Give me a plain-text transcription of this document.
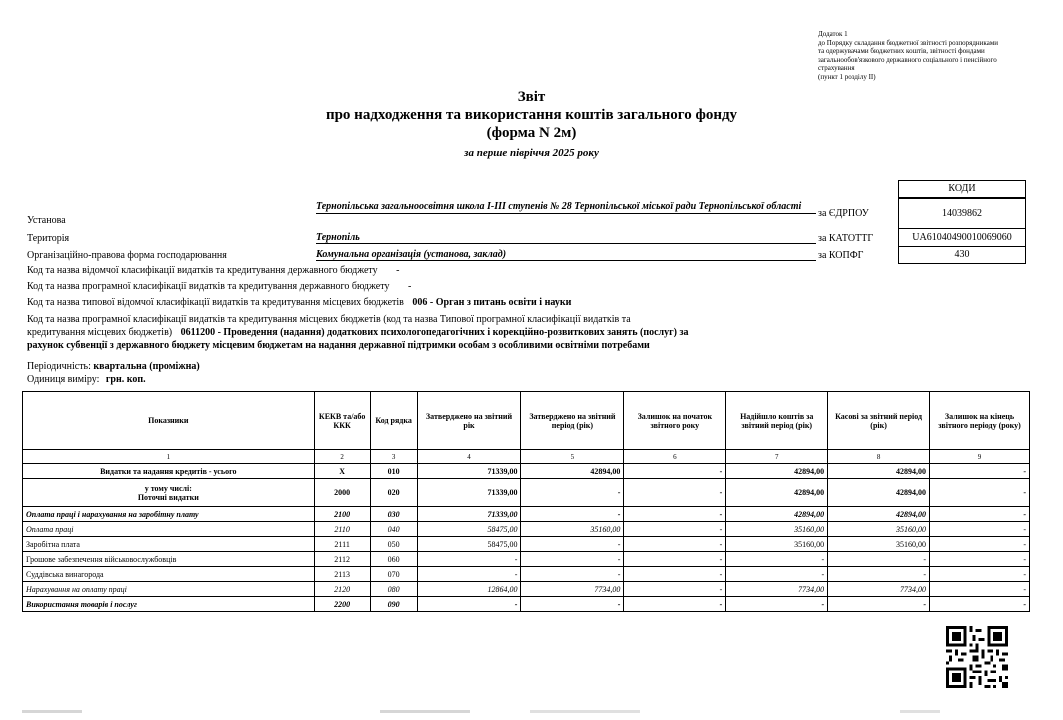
Додаток 1
до Порядку складання бюджетної звітності розпорядниками
та одержувачами бюджетних коштів, звітності фондами
загальнообов'язкового державного соціального і пенсійного
страхування
(пункт 1 розділу II)
Звіт
про надходження та використання коштів загального фонду
(форма N 2м)
за перше півріччя 2025 року
КОДИ
за ЄДРПОУ	14039862
за КАТОТТГ	UA61040490010069060
за КОПФГ	430
Установа
Тернопільська загальноосвітня школа I-III ступенів № 28 Тернопільської міської ради Тернопільської області
Територія	Тернопіль
Організаційно-правова форма господарювання	Комунальна організація (установа, заклад)
Код та назва відомчої класифікації видатків та кредитування державного бюджету -
Код та назва програмної класифікації видатків та кредитування державного бюджету -
Код та назва типової відомчої класифікації видатків та кредитування місцевих бюджетів 006 - Орган з питань освіти і науки
Код та назва програмної класифікації видатків та кредитування місцевих бюджетів (код та назва Типової програмної класифікації видатків та
кредитування місцевих бюджетів) 0611200 - Проведення (надання) додаткових психологопедагогічних і корекційно-розвиткових занять (послуг) за
рахунок субвенції з державного бюджету місцевим бюджетам на надання державної підтримки особам з особливими освітніми потребами
Періодичність: квартальна (проміжна)
Одиниця виміру: грн. коп.
Показники	КЕКВ та/або ККК	Код рядка	Затверджено на звітний рік	Затверджено на звітний період (рік)	Залишок на початок звітного року	Надійшло коштів за звітний період (рік)	Касові за звітний період (рік)	Залишок на кінець звітного періоду (року)
1	2	3	4	5	6	7	8	9
Видатки та надання кредитів - усього	X	010	71339,00	42894,00	-	42894,00	42894,00	-

у тому числі:
Поточні видатки	2000	020	71339,00	-	-	42894,00	42894,00	-
Оплата праці і нарахування на заробітну плату	2100	030	71339,00	-	-	42894,00	42894,00	-
Оплата праці	2110	040	58475,00	35160,00	-	35160,00	35160,00	-
Заробітна плата	2111	050	58475,00	-	-	35160,00	35160,00	-
Грошове забезпечення військовослужбовців	2112	060	-	-	-	-	-	-
Суддівська винагорода	2113	070	-	-	-	-	-	-
Нарахування на оплату праці	2120	080	12864,00	7734,00	-	7734,00	7734,00	-
Використання товарів і послуг	2200	090	-	-	-	-	-	-
